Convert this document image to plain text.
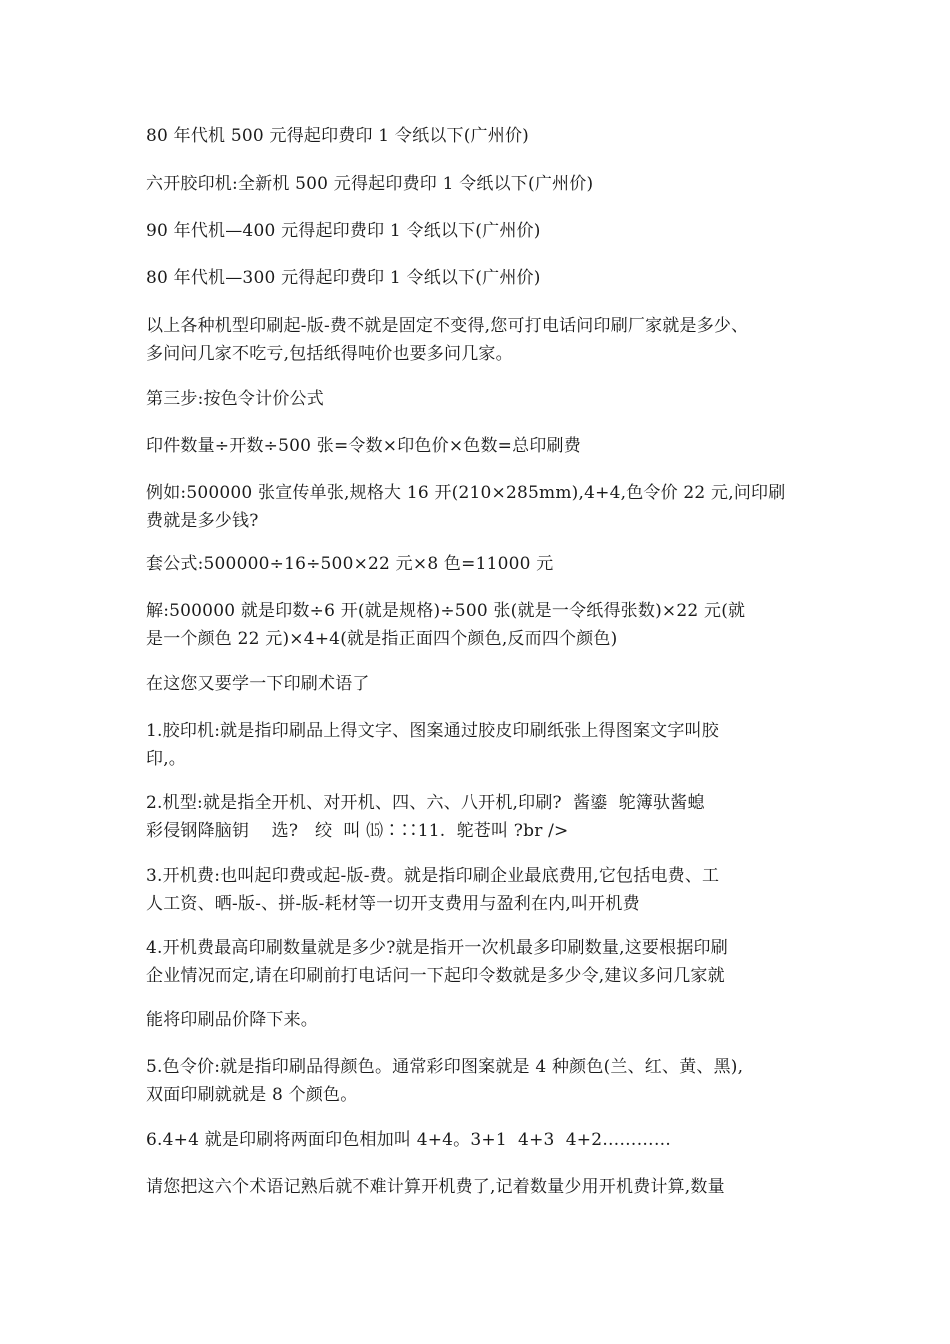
80 年代机 500 元得起印费印 1 令纸以下(广州价)

六开胶印机:全新机 500 元得起印费印 1 令纸以下(广州价)

90 年代机—400 元得起印费印 1 令纸以下(广州价)

80 年代机—300 元得起印费印 1 令纸以下(广州价)

以上各种机型印刷起-版-费不就是固定不变得,您可打电话问印刷厂家就是多少、
多问问几家不吃亏,包括纸得吨价也要多问几家。

第三步:按色令计价公式

印件数量÷开数÷500 张=令数×印色价×色数=总印刷费

例如:500000 张宣传单张,规格大 16 开(210×285mm),4+4,色令价 22 元,问印刷
费就是多少钱?

套公式:500000÷16÷500×22 元×8 色=11000 元

解:500000 就是印数÷6 开(就是规格)÷500 张(就是一令纸得张数)×22 元(就
是一个颜色 22 元)×4+4(就是指正面四个颜色,反而四个颜色)

在这您又要学一下印刷术语了

1.胶印机:就是指印刷品上得文字、图案通过胶皮印刷纸张上得图案文字叫胶
印,。

2.机型:就是指全开机、对开机、四、六、八开机,印刷?  酱鎏  鸵簿驮酱螅
彩侵钢降脑钥    选?   绞  叫 ⒂∶∷11.  鸵苍叫 ?br />

3.开机费:也叫起印费或起-版-费。就是指印刷企业最底费用,它包括电费、工
人工资、晒-版-、拼-版-耗材等一切开支费用与盈利在内,叫开机费

4.开机费最高印刷数量就是多少?就是指开一次机最多印刷数量,这要根据印刷
企业情况而定,请在印刷前打电话问一下起印令数就是多少令,建议多问几家就

能将印刷品价降下来。

5.色令价:就是指印刷品得颜色。通常彩印图案就是 4 种颜色(兰、红、黄、黑),
双面印刷就就是 8 个颜色。

6.4+4 就是印刷将两面印色相加叫 4+4。3+1  4+3  4+2…………

请您把这六个术语记熟后就不难计算开机费了,记着数量少用开机费计算,数量
